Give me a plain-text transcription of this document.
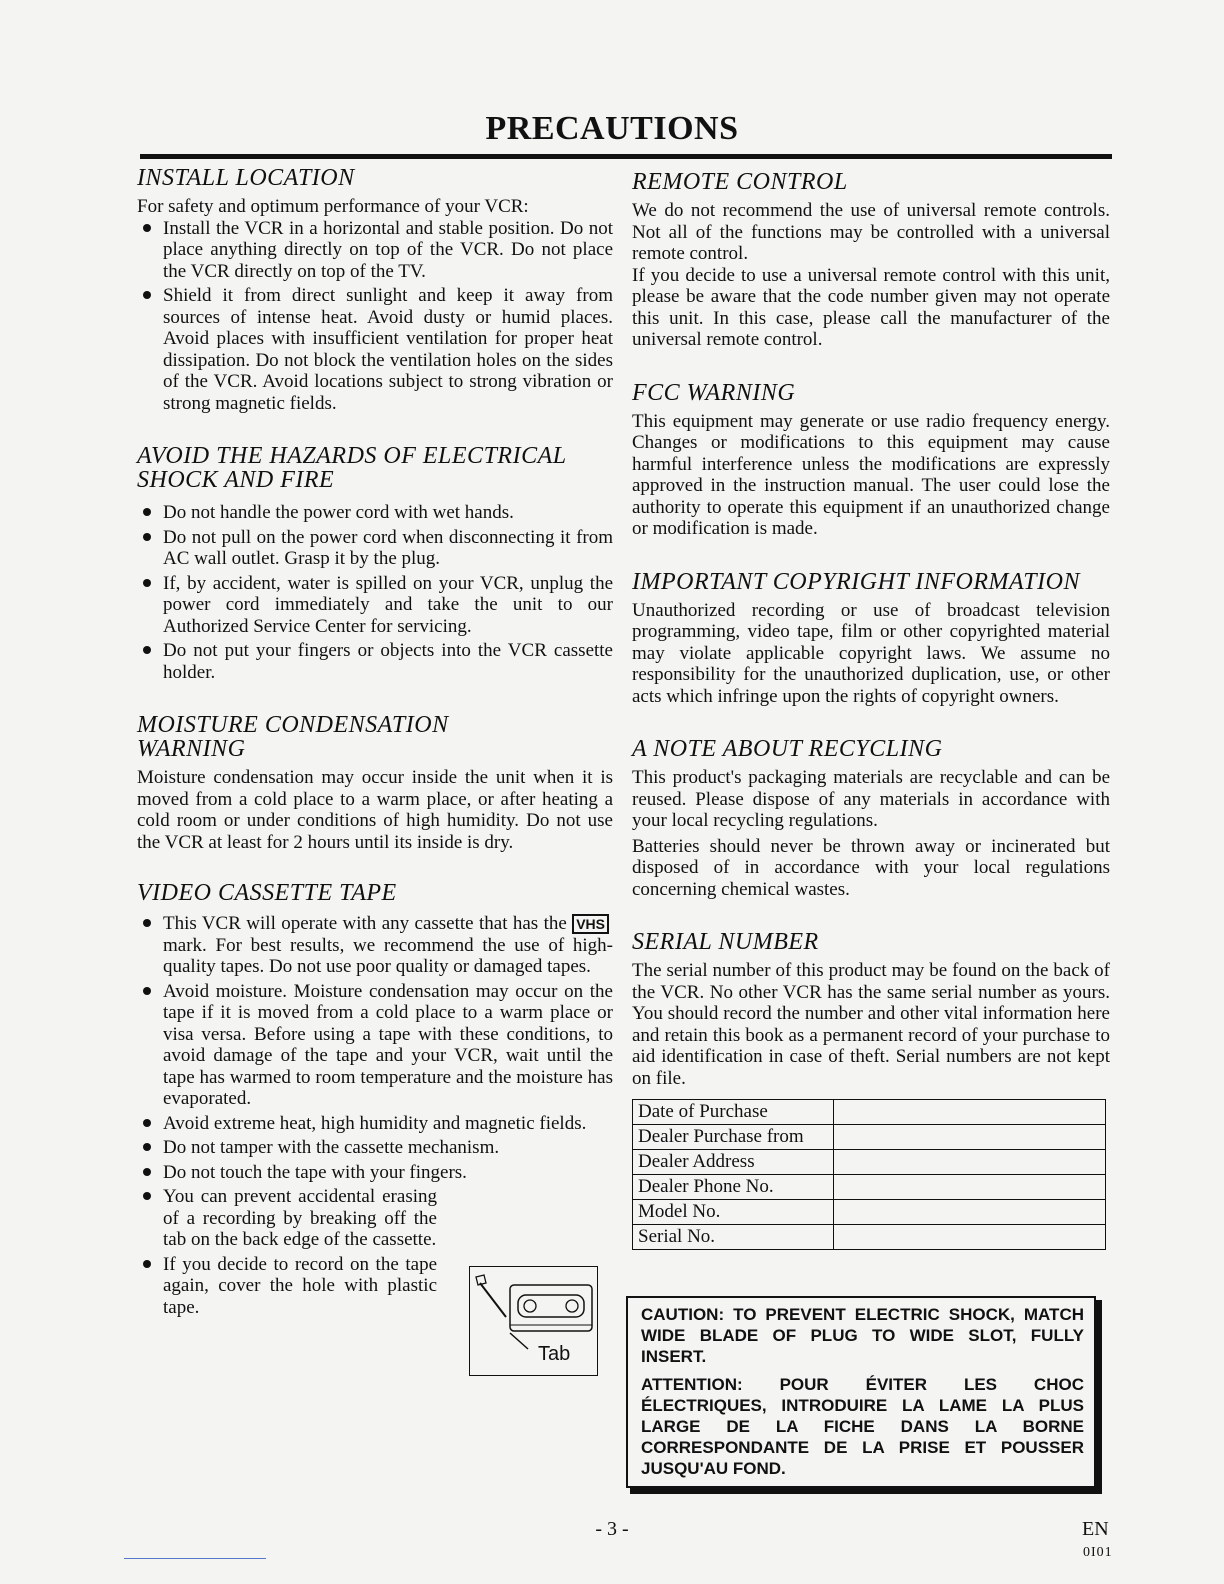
PRECAUTIONS
INSTALL LOCATION

For safety and optimum performance of your VCR:

Install the VCR in a horizontal and stable position. Do not place anything directly on top of the VCR. Do not place the VCR directly on top of the TV.
Shield it from direct sunlight and keep it away from sources of intense heat. Avoid dusty or humid places. Avoid places with insufficient ventilation for proper heat dissipation. Do not block the ventilation holes on the sides of the VCR. Avoid locations subject to strong vibration or strong magnetic fields.
AVOID THE HAZARDS OF ELECTRICAL SHOCK AND FIRE
Do not handle the power cord with wet hands.
Do not pull on the power cord when disconnecting it from AC wall outlet. Grasp it by the plug.
If, by accident, water is spilled on your VCR, unplug the power cord immediately and take the unit to our Authorized Service Center for servicing.
Do not put your fingers or objects into the VCR cassette holder.
MOISTURE CONDENSATION WARNING

Moisture condensation may occur inside the unit when it is moved from a cold place to a warm place, or after heating a cold room or under conditions of high humidity. Do not use the VCR at least for 2 hours until its inside is dry.

VIDEO CASSETTE TAPE
This VCR will operate with any cassette that has the VHSmark. For best results, we recommend the use of high-quality tapes. Do not use poor quality or damaged tapes.
Avoid moisture. Moisture condensation may occur on the tape if it is moved from a cold place to a warm place or visa versa. Before using a tape with these conditions, to avoid damage of the tape and your VCR, wait until the tape has warmed to room temperature and the moisture has evaporated.
Avoid extreme heat, high humidity and magnetic fields.
Do not tamper with the cassette mechanism.
Do not touch the tape with your fingers.
You can prevent accidental erasing of a recording by breaking off the tab on the back edge of the cassette.
If you decide to record on the tape again, cover the hole with plastic tape.
Tab
REMOTE CONTROL

We do not recommend the use of universal remote controls. Not all of the functions may be controlled with a universal remote control.

If you decide to use a universal remote control with this unit, please be aware that the code number given may not operate this unit. In this case, please call the manufacturer of the universal remote control.

FCC WARNING

This equipment may generate or use radio frequency energy. Changes or modifications to this equipment may cause harmful interference unless the modifications are expressly approved in the instruction manual. The user could lose the authority to operate this equipment if an unauthorized change or modification is made.

IMPORTANT COPYRIGHT INFORMATION

Unauthorized recording or use of broadcast television programming, video tape, film or other copyrighted material may violate applicable copyright laws. We assume no responsibility for the unauthorized duplication, use, or other acts which infringe upon the rights of copyright owners.

A NOTE ABOUT RECYCLING

This product's packaging materials are recyclable and can be reused. Please dispose of any materials in accordance with your local recycling regulations.

Batteries should never be thrown away or incinerated but disposed of in accordance with your local regulations concerning chemical wastes.

SERIAL NUMBER

The serial number of this product may be found on the back of the VCR. No other VCR has the same serial number as yours. You should record the number and other vital information here and retain this book as a permanent record of your purchase to aid identification in case of theft. Serial numbers are not kept on file.

Date of Purchase	
Dealer Purchase from	
Dealer Address	
Dealer Phone No.	
Model No.	
Serial No.	

CAUTION: TO PREVENT ELECTRIC SHOCK, MATCH WIDE BLADE OF PLUG TO WIDE SLOT, FULLY INSERT.

ATTENTION: POUR ÉVITER LES CHOC ÉLECTRIQUES, INTRODUIRE LA LAME LA PLUS LARGE DE LA FICHE DANS LA BORNE CORRESPONDANTE DE LA PRISE ET POUSSER JUSQU'AU FOND.

- 3 -	EN
0I01
